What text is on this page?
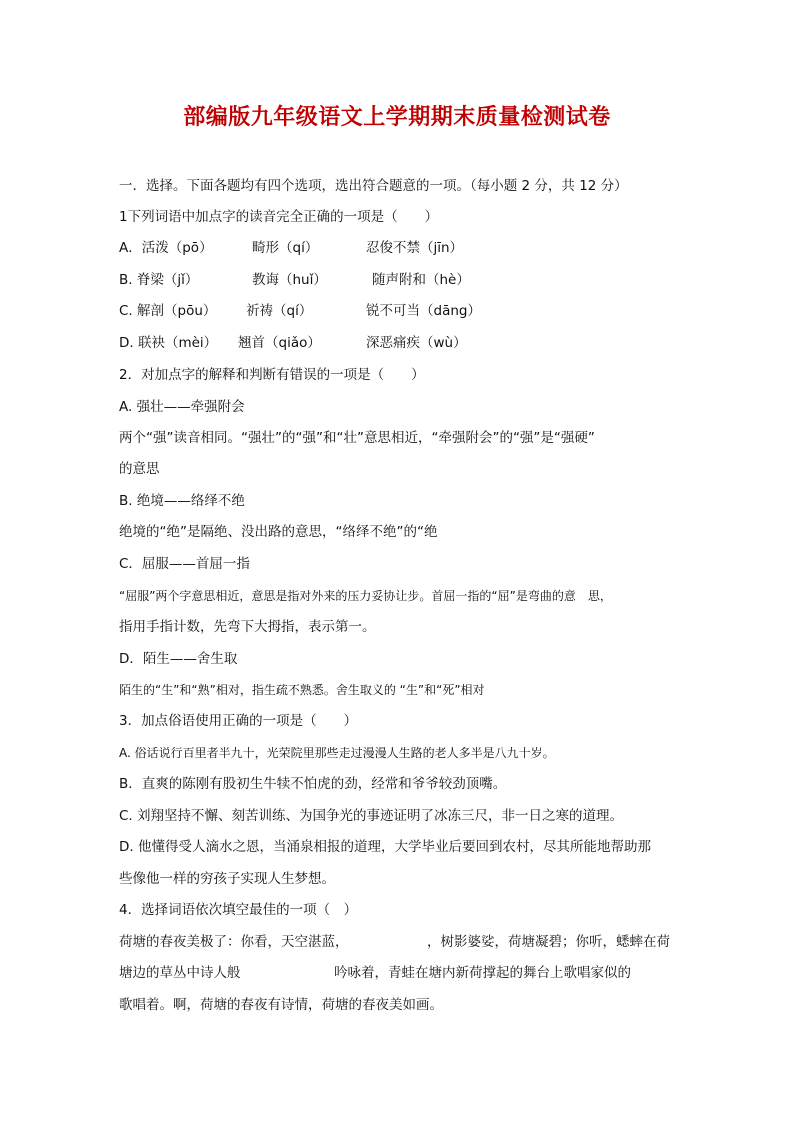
部编版九年级语文上学期期末质量检测试卷
一．选择。下面各题均有四个选项，选出符合题意的一项。（每小题 2 分，共 12 分）
1下列词语中加点字的读音完全正确的一项是（　　）
A．活泼（pō）	畸形（qí）	忍俊不禁（jīn）
B. 脊梁（jǐ）	教诲（huǐ）	随声附和（hè）
C. 解剖（pōu） 祈祷（qí）	锐不可当（dāng）
D. 联袂（mèi） 翘首（qiǎo）	深恶痛疾（wù）
2．对加点字的解释和判断有错误的一项是（　　）
A. 强壮——牵强附会
两个“强”读音相同。“强壮”的“强”和“壮”意思相近，“牵强附会”的“强”是“强硬”
的意思
B. 绝境——络绎不绝
绝境的“绝”是隔绝、没出路的意思，“络绎不绝”的“绝
C．屈服——首屈一指
“屈服”两个字意思相近，意思是指对外来的压力妥协让步。首屈一指的“屈”是弯曲的意　思，
指用手指计数，先弯下大拇指，表示第一。
D．陌生——舍生取
陌生的“生”和“熟”相对，指生疏不熟悉。舍生取义的 “生”和“死”相对
3．加点俗语使用正确的一项是（　　）
A. 俗话说行百里者半九十，光荣院里那些走过漫漫人生路的老人多半是八九十岁。
B．直爽的陈刚有股初生牛犊不怕虎的劲，经常和爷爷较劲顶嘴。
C. 刘翔坚持不懈、刻苦训练、为国争光的事迹证明了冰冻三尺，非一日之寒的道理。
D. 他懂得受人滴水之恩，当涌泉相报的道理，大学毕业后要回到农村，尽其所能地帮助那
些像他一样的穷孩子实现人生梦想。
4．选择词语依次填空最佳的一项（　）
荷塘的春夜美极了：你看，天空湛蓝，	，树影婆娑，荷塘凝碧；你听，蟋蟀在荷
塘边的草丛中诗人般	吟咏着，青蛙在塘内新荷撑起的舞台上歌唱家似的
歌唱着。啊，荷塘的春夜有诗情，荷塘的春夜美如画。
